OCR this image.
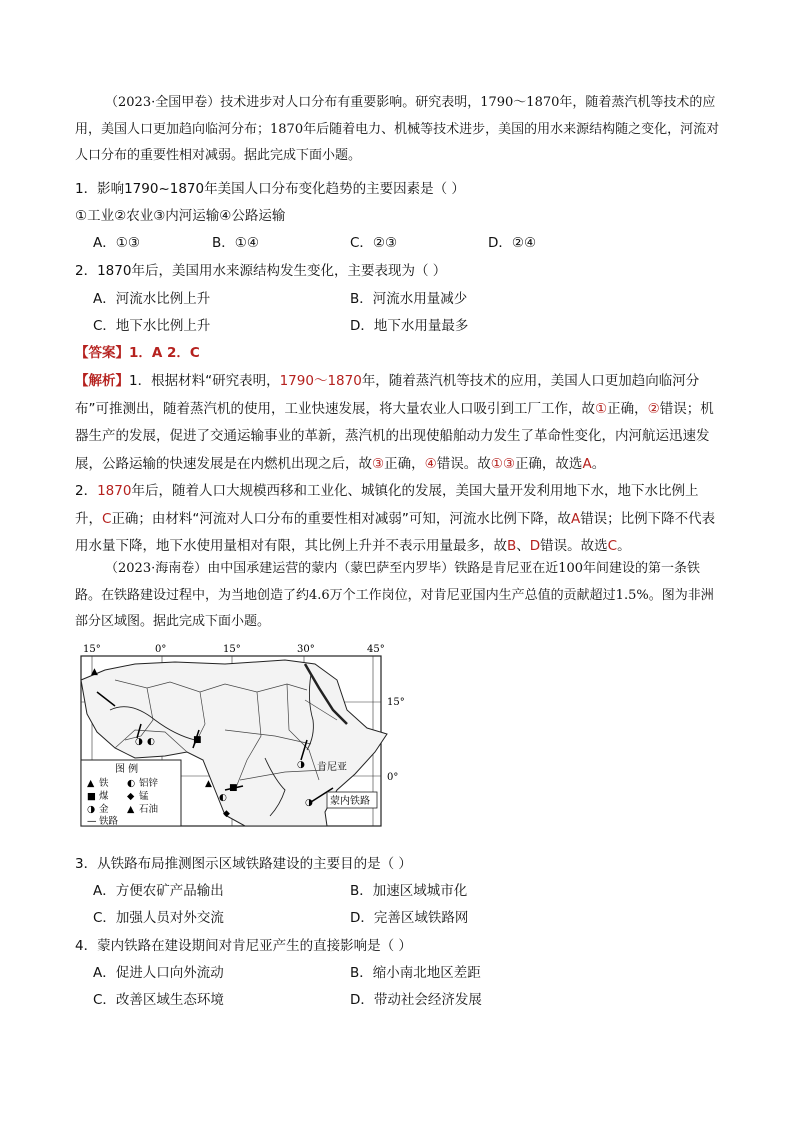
（2023·全国甲卷）技术进步对人口分布有重要影响。研究表明，1790～1870年，随着蒸汽机等技术的应用，美国人口更加趋向临河分布；1870年后随着电力、机械等技术进步，美国的用水来源结构随之变化，河流对人口分布的重要性相对减弱。据此完成下面小题。
1．影响1790~1870年美国人口分布变化趋势的主要因素是（ ）
①工业②农业③内河运输④公路运输
A．①③	B．①④	C．②③	D．②④
2．1870年后，美国用水来源结构发生变化，主要表现为（ ）
A．河流水比例上升	B．河流水用量减少
C．地下水比例上升	D．地下水用量最多
【答案】1．A 2．C
【解析】1．根据材料“研究表明，1790～1870年，随着蒸汽机等技术的应用，美国人口更加趋向临河分布”可推测出，随着蒸汽机的使用，工业快速发展，将大量农业人口吸引到工厂工作，故①正确，②错误；机器生产的发展，促进了交通运输事业的革新，蒸汽机的出现使船舶动力发生了革命性变化，内河航运迅速发展，公路运输的快速发展是在内燃机出现之后，故③正确，④错误。故①③正确，故选A。
2．1870年后，随着人口大规模西移和工业化、城镇化的发展，美国大量开发利用地下水，地下水比例上升，C正确；由材料“河流对人口分布的重要性相对减弱”可知，河流水比例下降，故A错误；比例下降不代表用水量下降，地下水使用量相对有限，其比例上升并不表示用量最多，故B、D错误。故选C。
（2023·海南卷）由中国承建运营的蒙内（蒙巴萨至内罗毕）铁路是肯尼亚在近100年间建设的第一条铁路。在铁路建设过程中，为当地创造了约4.6万个工作岗位，对肯尼亚国内生产总值的贡献超过1.5%。图为非洲部分区域图。据此完成下面小题。
15°	0°	15°	30°	45°
15°
0°
▲
◑ ◐	■
▲
◐
■
◑
◑
◆
肯尼亚
蒙内铁路
图 例
▲ 铁 ◐ 铝锌
■ 煤 ◆ 锰
◑ 金 ▲ 石油
— 铁路
3．从铁路布局推测图示区域铁路建设的主要目的是（ ）
A．方便农矿产品输出	B．加速区域城市化
C．加强人员对外交流	D．完善区域铁路网
4．蒙内铁路在建设期间对肯尼亚产生的直接影响是（ ）
A．促进人口向外流动	B．缩小南北地区差距
C．改善区域生态环境	D．带动社会经济发展
